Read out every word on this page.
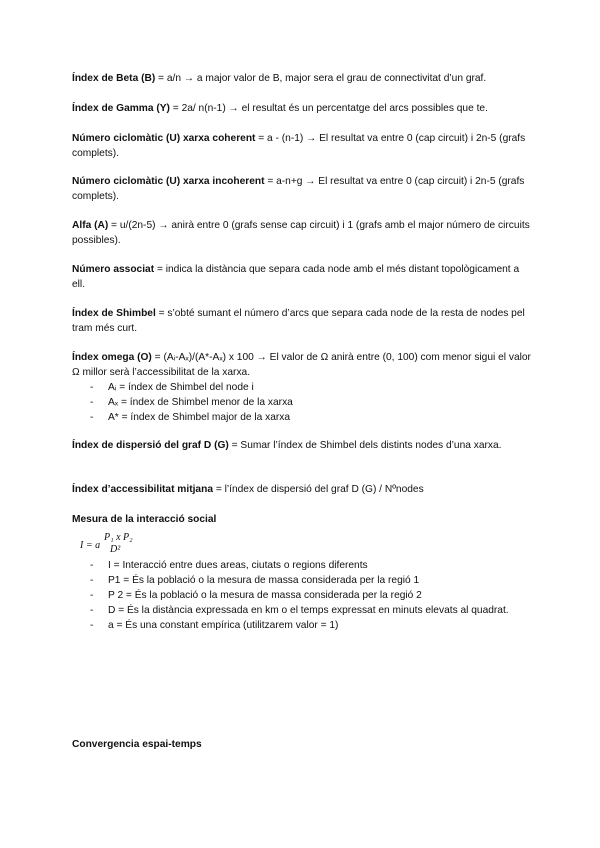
Índex de Beta (B) = a/n → a major valor de B, major sera el grau de connectivitat d’un graf.

Índex de Gamma (Y) = 2a/ n(n-1) → el resultat és un percentatge del arcs possibles que te.

Número ciclomàtic (U) xarxa coherent = a - (n-1) → El resultat va entre 0 (cap circuit) i 2n-5 (grafs complets).

Número ciclomàtic (U) xarxa incoherent = a-n+g → El resultat va entre 0 (cap circuit) i 2n-5 (grafs complets).

Alfa (A) = u/(2n-5) → anirà entre 0 (grafs sense cap circuit) i 1 (grafs amb el major número de circuits possibles).

Número associat = indica la distància que separa cada node amb el més distant topològicament a ell.

Índex de Shimbel = s’obté sumant el número d’arcs que separa cada node de la resta de nodes pel tram més curt.

Índex omega (O) = (Aᵢ-Aₓ)/(A*-Aₓ) x 100 → El valor de Ω anirà entre (0, 100) com menor sigui el valor Ω millor serà l’accessibilitat de la xarxa.

- Aᵢ = índex de Shimbel del node i
- Aₓ = índex de Shimbel menor de la xarxa
- A* = índex de Shimbel major de la xarxa

Índex de dispersió del graf D (G) = Sumar l’índex de Shimbel dels distints nodes d’una xarxa.

Índex d’accessibilitat mitjana = l’índex de dispersió del graf D (G) / Nºnodes

Mesura de la interacció social

I = a
P₁ x P₂
D²
- I = Interacció entre dues areas, ciutats o regions diferents
- P1 = És la població o la mesura de massa considerada per la regió 1
- P 2 = És la població o la mesura de massa considerada per la regió 2
- D = És la distància expressada en km o el temps expressat en minuts elevats al quadrat.
- a = És una constant empírica (utilitzarem valor = 1)

Convergencia espai-temps
